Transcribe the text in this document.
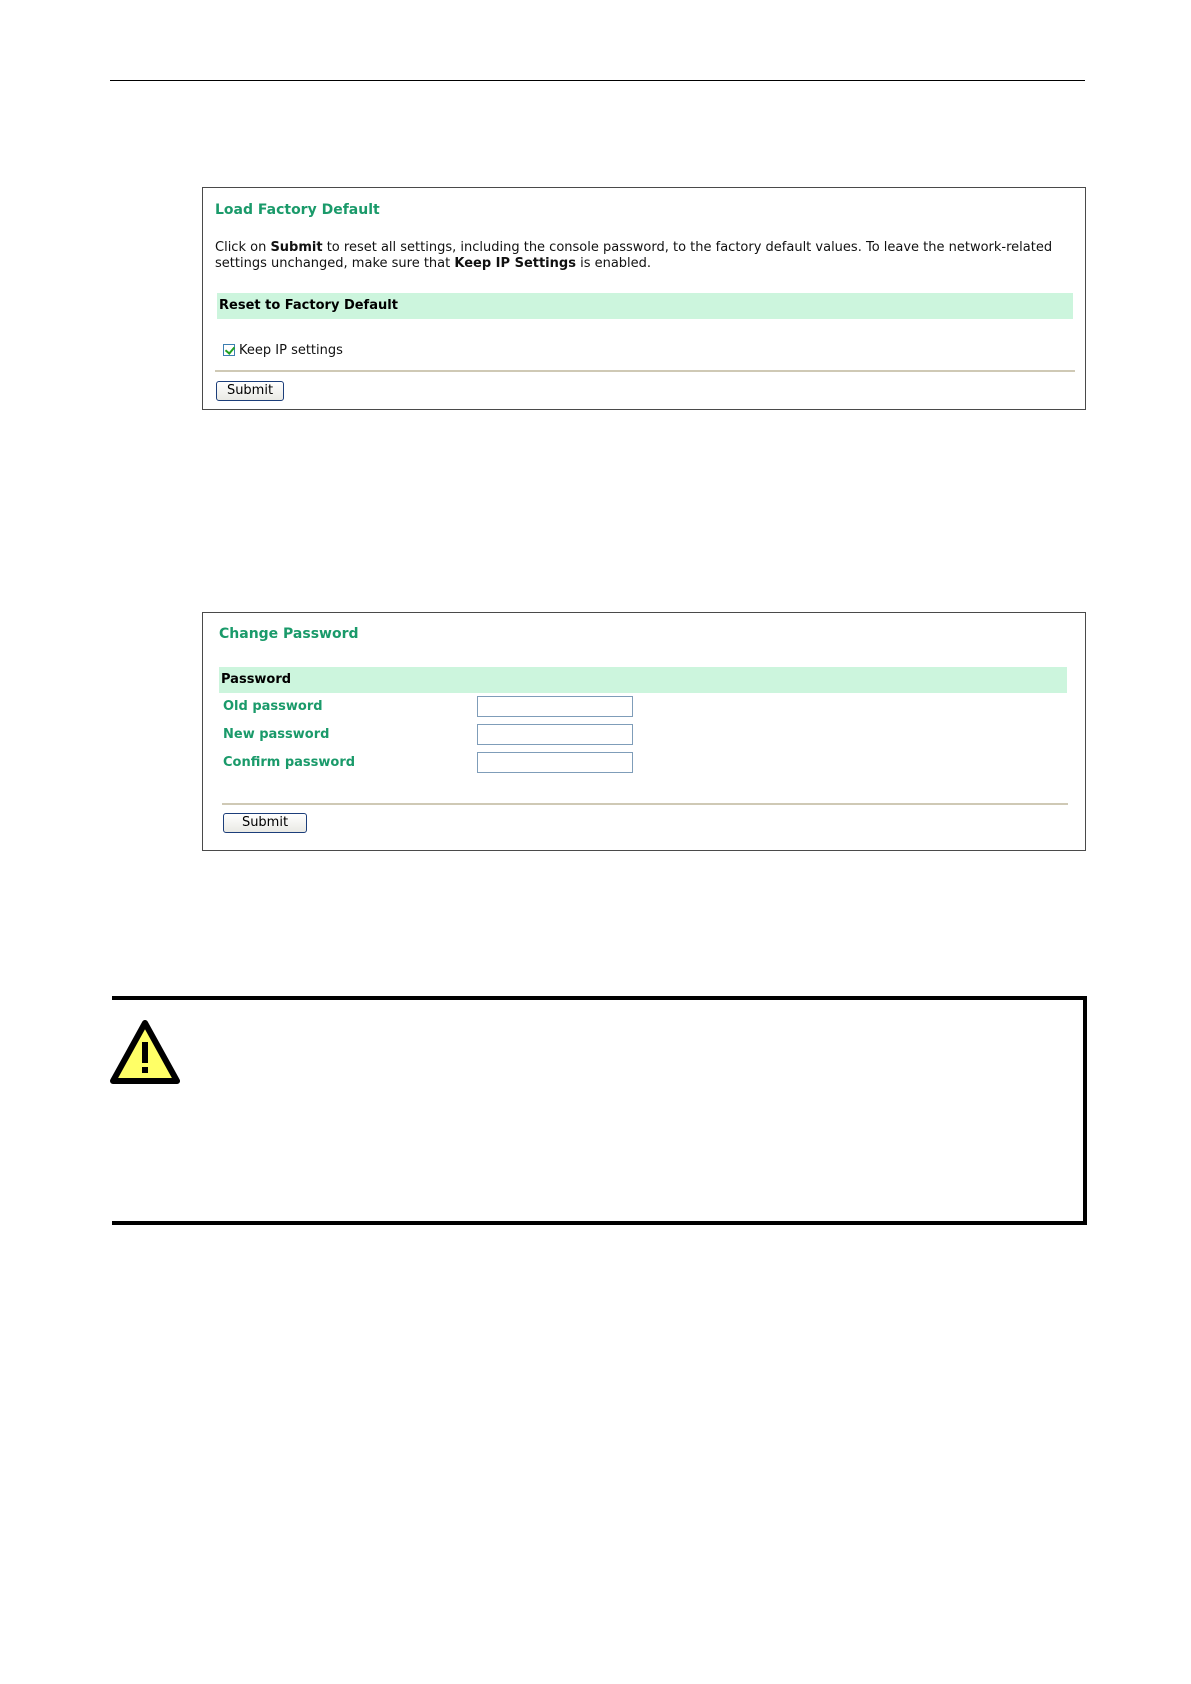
Load Factory Default
Click on Submit to reset all settings, including the console password, to the factory default values. To leave the network-related settings unchanged, make sure that Keep IP Settings is enabled.
Reset to Factory Default
Keep IP settings
Submit
Change Password
Password
Old password
New password
Confirm password
Submit
